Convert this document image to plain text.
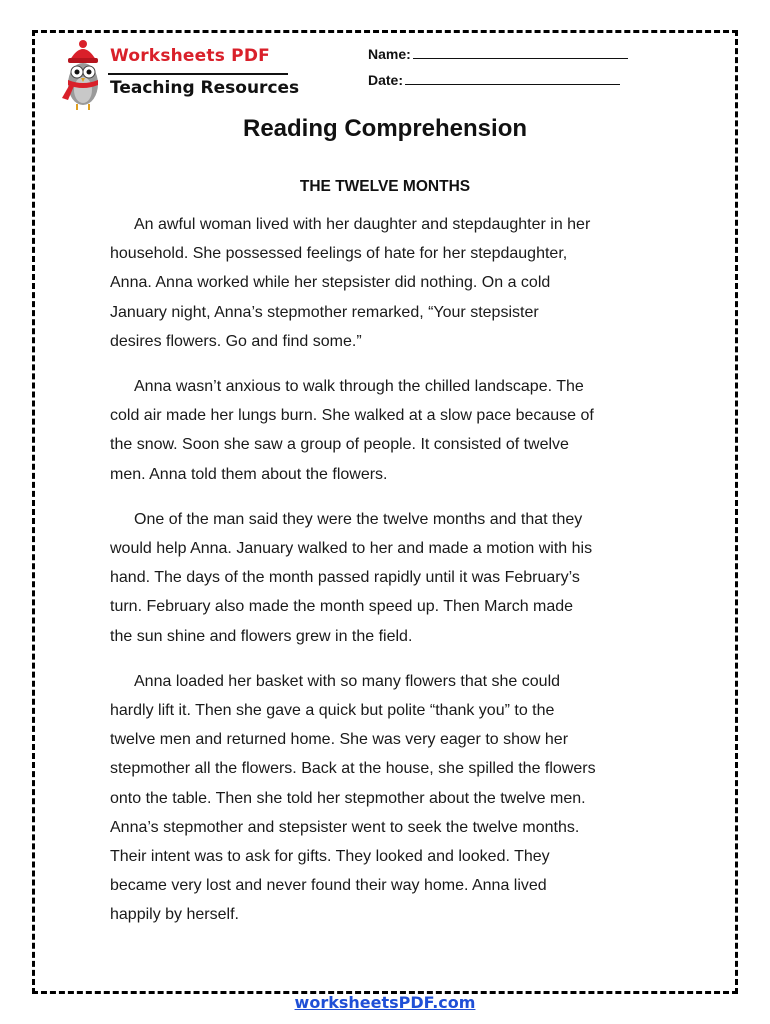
Worksheets PDF
Teaching Resources
Name:
Date:
Reading Comprehension
THE TWELVE MONTHS

An awful woman lived with her daughter and stepdaughter in her
household. She possessed feelings of hate for her stepdaughter,
Anna. Anna worked while her stepsister did nothing. On a cold
January night, Anna’s stepmother remarked, “Your stepsister
desires flowers. Go and find some.”

Anna wasn’t anxious to walk through the chilled landscape. The
cold air made her lungs burn. She walked at a slow pace because of
the snow. Soon she saw a group of people. It consisted of twelve
men. Anna told them about the flowers.

One of the man said they were the twelve months and that they
would help Anna. January walked to her and made a motion with his
hand. The days of the month passed rapidly until it was February’s
turn. February also made the month speed up. Then March made
the sun shine and flowers grew in the field.

Anna loaded her basket with so many flowers that she could
hardly lift it. Then she gave a quick but polite “thank you” to the
twelve men and returned home. She was very eager to show her
stepmother all the flowers. Back at the house, she spilled the flowers
onto the table. Then she told her stepmother about the twelve men.
Anna’s stepmother and stepsister went to seek the twelve months.
Their intent was to ask for gifts. They looked and looked. They
became very lost and never found their way home. Anna lived
happily by herself.

worksheetsPDF.com
